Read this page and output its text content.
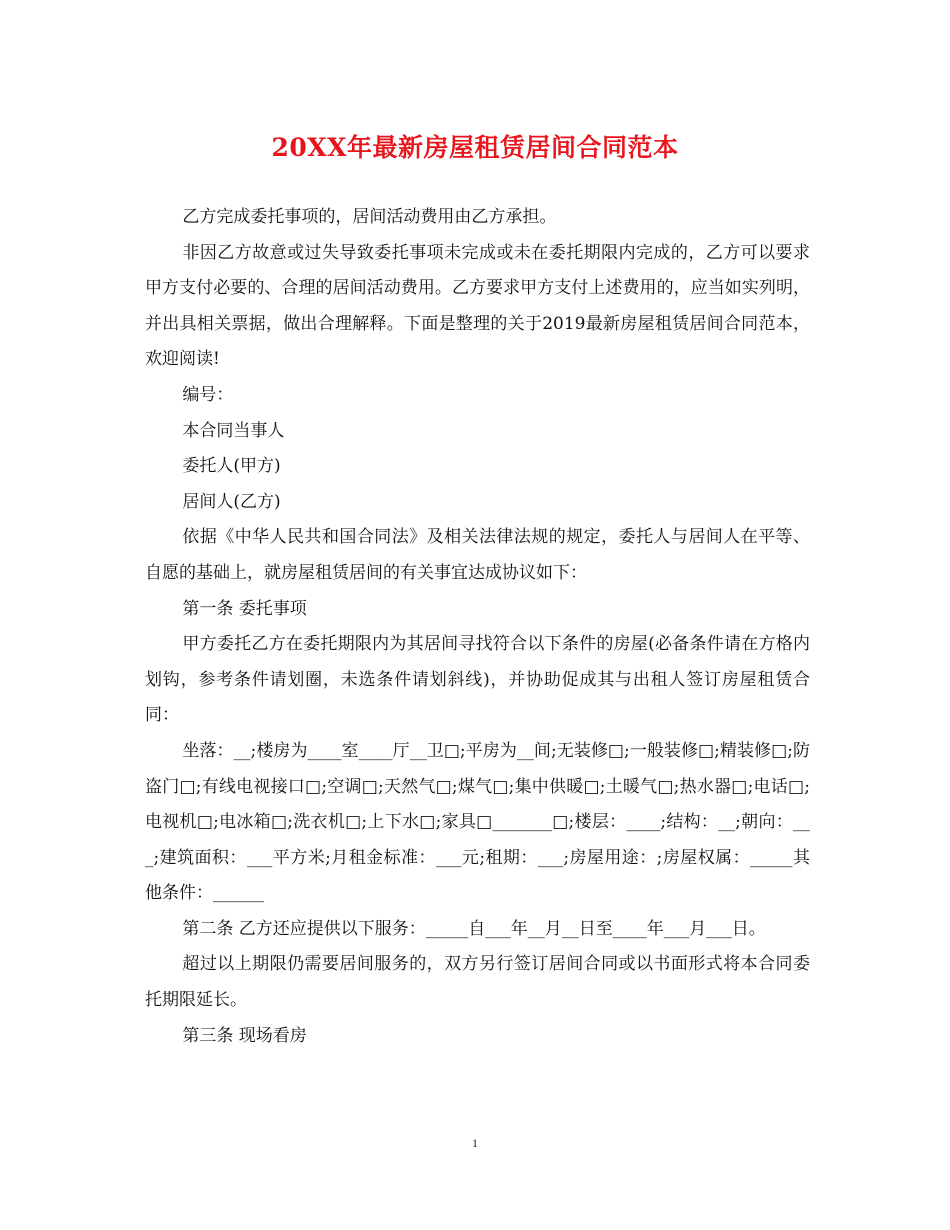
20XX年最新房屋租赁居间合同范本

乙方完成委托事项的，居间活动费用由乙方承担。

非因乙方故意或过失导致委托事项未完成或未在委托期限内完成的，乙方可以要求甲方支付必要的、合理的居间活动费用。乙方要求甲方支付上述费用的，应当如实列明，并出具相关票据，做出合理解释。下面是整理的关于2019最新房屋租赁居间合同范本，欢迎阅读!

编号：

本合同当事人

委托人(甲方)

居间人(乙方)

依据《中华人民共和国合同法》及相关法律法规的规定，委托人与居间人在平等、自愿的基础上，就房屋租赁居间的有关事宜达成协议如下：

第一条 委托事项

甲方委托乙方在委托期限内为其居间寻找符合以下条件的房屋(必备条件请在方格内划钩，参考条件请划圈，未选条件请划斜线)，并协助促成其与出租人签订房屋租赁合同：

坐落：__;楼房为____室____厅__卫□;平房为__间;无装修□;一般装修□;精装修□;防盗门□;有线电视接口□;空调□;天然气□;煤气□;集中供暖□;土暖气□;热水器□;电话□;电视机□;电冰箱□;洗衣机□;上下水□;家具□_______□;楼层：____;结构：__;朝向：___;建筑面积：___平方米;月租金标准：___元;租期：___;房屋用途：;房屋权属：_____其他条件：______

第二条 乙方还应提供以下服务：_____自___年__月__日至____年___月___日。

超过以上期限仍需要居间服务的，双方另行签订居间合同或以书面形式将本合同委托期限延长。

第三条 现场看房

1
